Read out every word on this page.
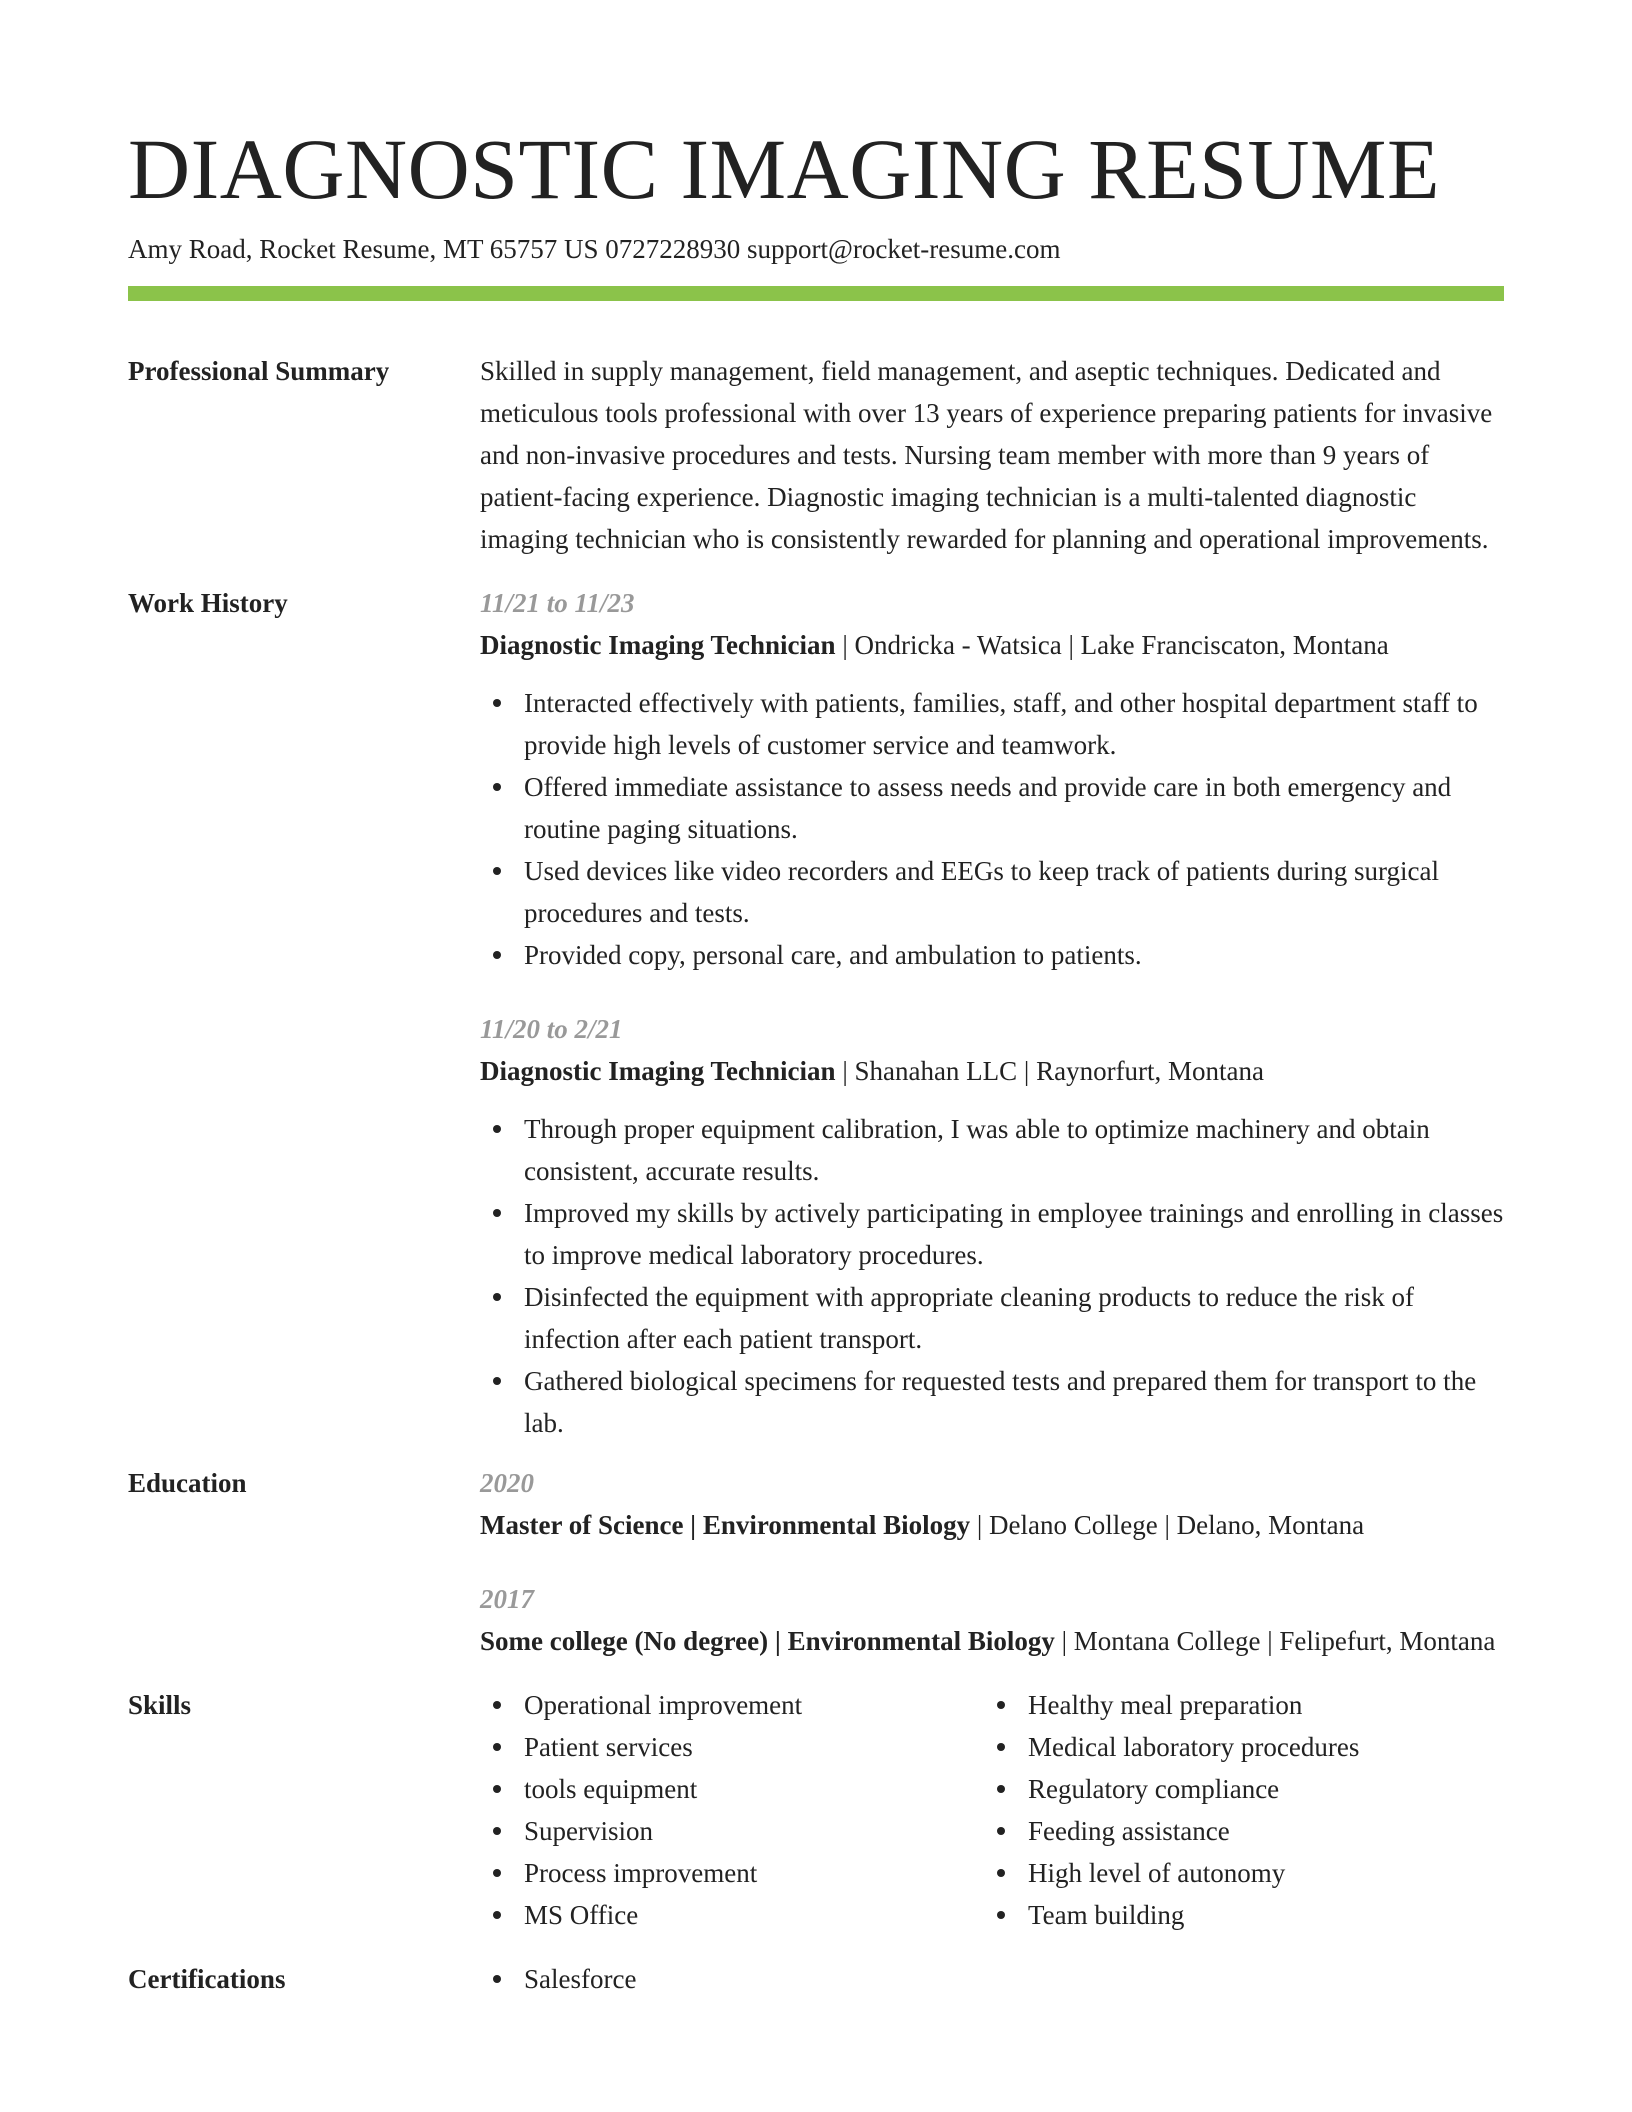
DIAGNOSTIC IMAGING RESUME
Amy Road, Rocket Resume, MT 65757 US 0727228930 support@rocket-resume.com
Professional Summary	Skilled in supply management, field management, and aseptic techniques. Dedicated and meticulous tools professional with over 13 years of experience preparing patients for invasive and non-invasive procedures and tests. Nursing team member with more than 9 years of patient-facing experience. Diagnostic imaging technician is a multi-talented diagnostic imaging technician who is consistently rewarded for planning and operational improvements.

Work History	11/21 to 11/23
Diagnostic Imaging Technician | Ondricka - Watsica | Lake Franciscaton, Montana
Interacted effectively with patients, families, staff, and other hospital department staff to provide high levels of customer service and teamwork.
Offered immediate assistance to assess needs and provide care in both emergency and routine paging situations.
Used devices like video recorders and EEGs to keep track of patients during surgical procedures and tests.
Provided copy, personal care, and ambulation to patients.
11/20 to 2/21
Diagnostic Imaging Technician | Shanahan LLC | Raynorfurt, Montana
Through proper equipment calibration, I was able to optimize machinery and obtain consistent, accurate results.
Improved my skills by actively participating in employee trainings and enrolling in classes to improve medical laboratory procedures.
Disinfected the equipment with appropriate cleaning products to reduce the risk of infection after each patient transport.
Gathered biological specimens for requested tests and prepared them for transport to the lab.
Education	2020
Master of Science | Environmental Biology | Delano College | Delano, Montana
2017
Some college (No degree) | Environmental Biology | Montana College | Felipefurt, Montana
Skills	Operational improvement
Patient services
tools equipment
Supervision
Process improvement
MS Office
Healthy meal preparation
Medical laboratory procedures
Regulatory compliance
Feeding assistance
High level of autonomy
Team building
Certifications	Salesforce
